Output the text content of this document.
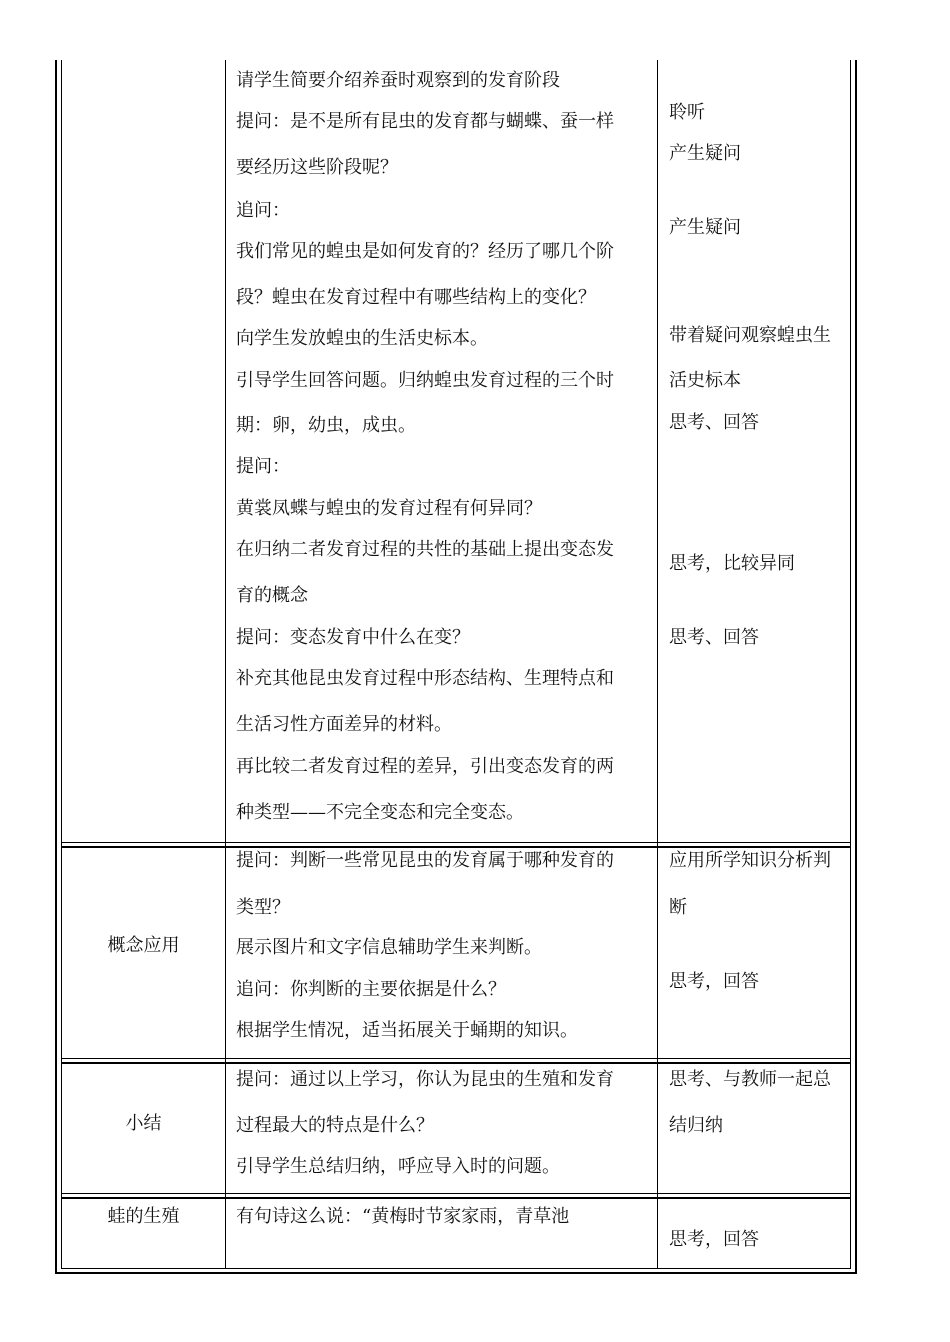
请学生简要介绍养蚕时观察到的发育阶段
提问：是不是所有昆虫的发育都与蝴蝶、蚕一样
要经历这些阶段呢？
追问：
我们常见的蝗虫是如何发育的？经历了哪几个阶
段？蝗虫在发育过程中有哪些结构上的变化？
向学生发放蝗虫的生活史标本。
引导学生回答问题。归纳蝗虫发育过程的三个时
期：卵，幼虫，成虫。
提问：
黄裳凤蝶与蝗虫的发育过程有何异同？
在归纳二者发育过程的共性的基础上提出变态发
育的概念
提问：变态发育中什么在变？
补充其他昆虫发育过程中形态结构、生理特点和
生活习性方面差异的材料。
再比较二者发育过程的差异，引出变态发育的两
种类型——不完全变态和完全变态。
聆听
产生疑问
产生疑问
带着疑问观察蝗虫生
活史标本
思考、回答
思考，比较异同
思考、回答
概念应用
提问：判断一些常见昆虫的发育属于哪种发育的
类型？
展示图片和文字信息辅助学生来判断。
追问：你判断的主要依据是什么？
根据学生情况，适当拓展关于蛹期的知识。
应用所学知识分析判
断
思考，回答
小结
提问：通过以上学习，你认为昆虫的生殖和发育
过程最大的特点是什么？
引导学生总结归纳，呼应导入时的问题。
思考、与教师一起总
结归纳
蛙的生殖	有句诗这么说：“黄梅时节家家雨，青草池
思考，回答
